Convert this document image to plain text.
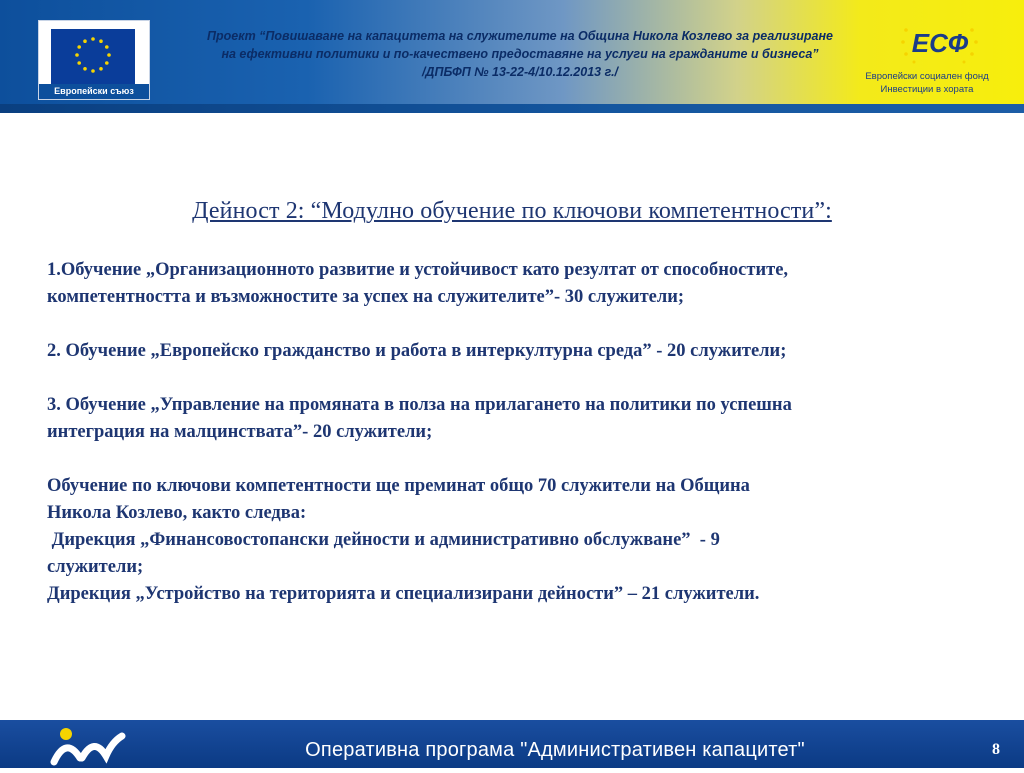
Европейски съюз
Проект “Повишаване на капацитета на служителите на Община Никола Козлево за реализиране
на ефективни политики и по-качествено предоставяне на услуги на гражданите и бизнеса”
/ДПБФП № 13-22-4/10.12.2013 г./
ЕСФ
Европейски социален фонд
Инвестиции в хората
Дейност 2: “Модулно обучение по ключови компетентности”:

1.Обучение „Организационното развитие и устойчивост като резултат от способностите,
компетентността и възможностите за успех на служителите”- 30 служители;

2. Обучение „Европейско гражданство и работа в интеркултурна среда” - 20 служители;

3. Обучение „Управление на промяната в полза на прилагането на политики по успешна
интеграция на малцинствата”- 20 служители;

Обучение по ключови компетентности ще преминат общо 70 служители на Община
Никола Козлево, както следва:
Дирекция „Финансовостопански дейности и административно обслужване”  - 9
служители;
Дирекция „Устройство на територията и специализирани дейности” – 21 служители.

Оперативна програма "Административен капацитет"	8
